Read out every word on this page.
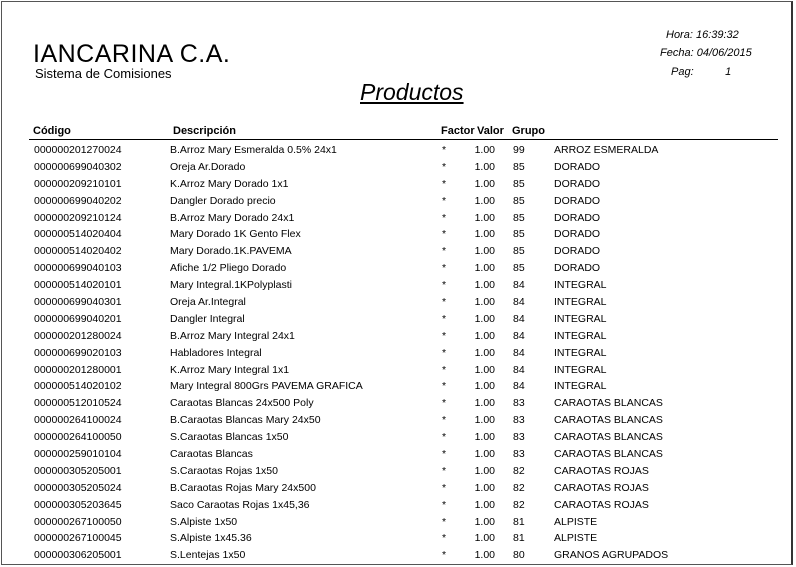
IANCARINA C.A.
Sistema de Comisiones
Hora: 16:39:32
Fecha: 04/06/2015
Pag:	1
Productos
Código	Descripción	Factor Valor Grupo
000000201270024	B.Arroz Mary Esmeralda 0.5% 24x1	*	1.00 99	ARROZ ESMERALDA
000000699040302	Oreja Ar.Dorado	*	1.00 85	DORADO
000000209210101	K.Arroz Mary Dorado 1x1	*	1.00 85	DORADO
000000699040202	Dangler Dorado precio	*	1.00 85	DORADO
000000209210124	B.Arroz Mary Dorado 24x1	*	1.00 85	DORADO
000000514020404	Mary Dorado 1K Gento Flex	*	1.00 85	DORADO
000000514020402	Mary Dorado.1K.PAVEMA	*	1.00 85	DORADO
000000699040103	Afiche 1/2 Pliego Dorado	*	1.00 85	DORADO
000000514020101	Mary Integral.1KPolyplasti	*	1.00 84	INTEGRAL
000000699040301	Oreja Ar.Integral	*	1.00 84	INTEGRAL
000000699040201	Dangler Integral	*	1.00 84	INTEGRAL
000000201280024	B.Arroz Mary Integral 24x1	*	1.00 84	INTEGRAL
000000699020103	Habladores Integral	*	1.00 84	INTEGRAL
000000201280001	K.Arroz Mary Integral 1x1	*	1.00 84	INTEGRAL
000000514020102	Mary Integral 800Grs PAVEMA GRAFICA	*	1.00 84	INTEGRAL
000000512010524	Caraotas Blancas 24x500 Poly	*	1.00 83	CARAOTAS BLANCAS
000000264100024	B.Caraotas Blancas Mary 24x50	*	1.00 83	CARAOTAS BLANCAS
000000264100050	S.Caraotas Blancas 1x50	*	1.00 83	CARAOTAS BLANCAS
000000259010104	Caraotas Blancas	*	1.00 83	CARAOTAS BLANCAS
000000305205001	S.Caraotas Rojas 1x50	*	1.00 82	CARAOTAS ROJAS
000000305205024	B.Caraotas Rojas Mary 24x500	*	1.00 82	CARAOTAS ROJAS
000000305203645	Saco Caraotas Rojas 1x45,36	*	1.00 82	CARAOTAS ROJAS
000000267100050	S.Alpiste 1x50	*	1.00 81	ALPISTE
000000267100045	S.Alpiste 1x45.36	*	1.00 81	ALPISTE
000000306205001	S.Lentejas 1x50	*	1.00 80	GRANOS AGRUPADOS
